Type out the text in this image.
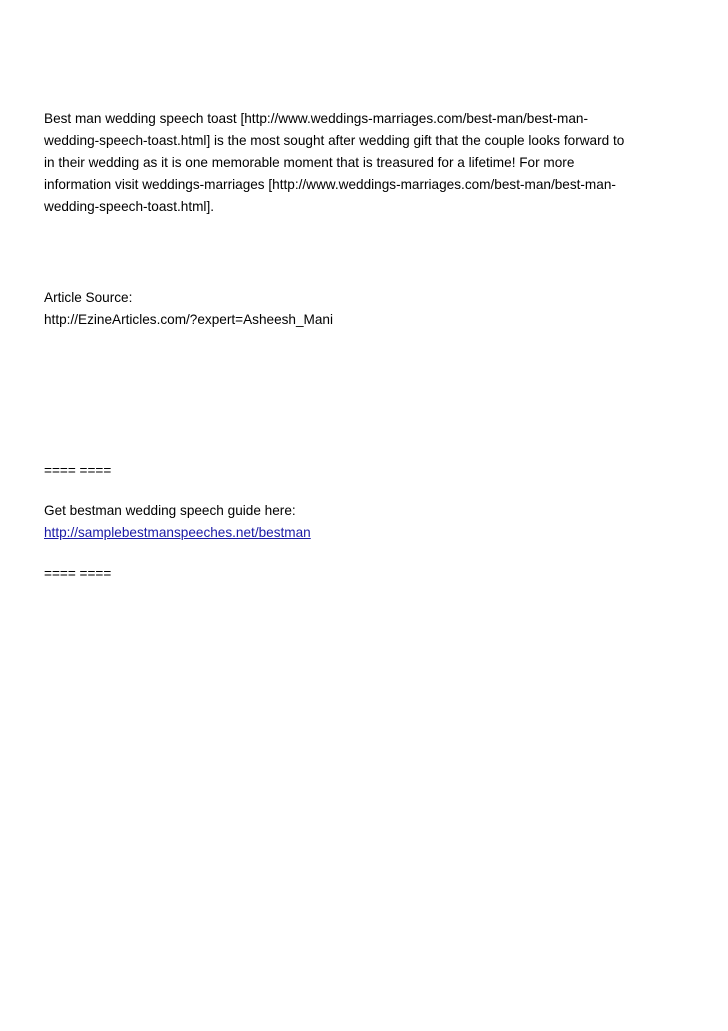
Best man wedding speech toast [http://www.weddings-marriages.com/best-man/best-man-

wedding-speech-toast.html] is the most sought after wedding gift that the couple looks forward to

in their wedding as it is one memorable moment that is treasured for a lifetime! For more

information visit weddings-marriages [http://www.weddings-marriages.com/best-man/best-man-

wedding-speech-toast.html].

Article Source:

http://EzineArticles.com/?expert=Asheesh_Mani

==== ====

Get bestman wedding speech guide here:

http://samplebestmanspeeches.net/bestman

==== ====
